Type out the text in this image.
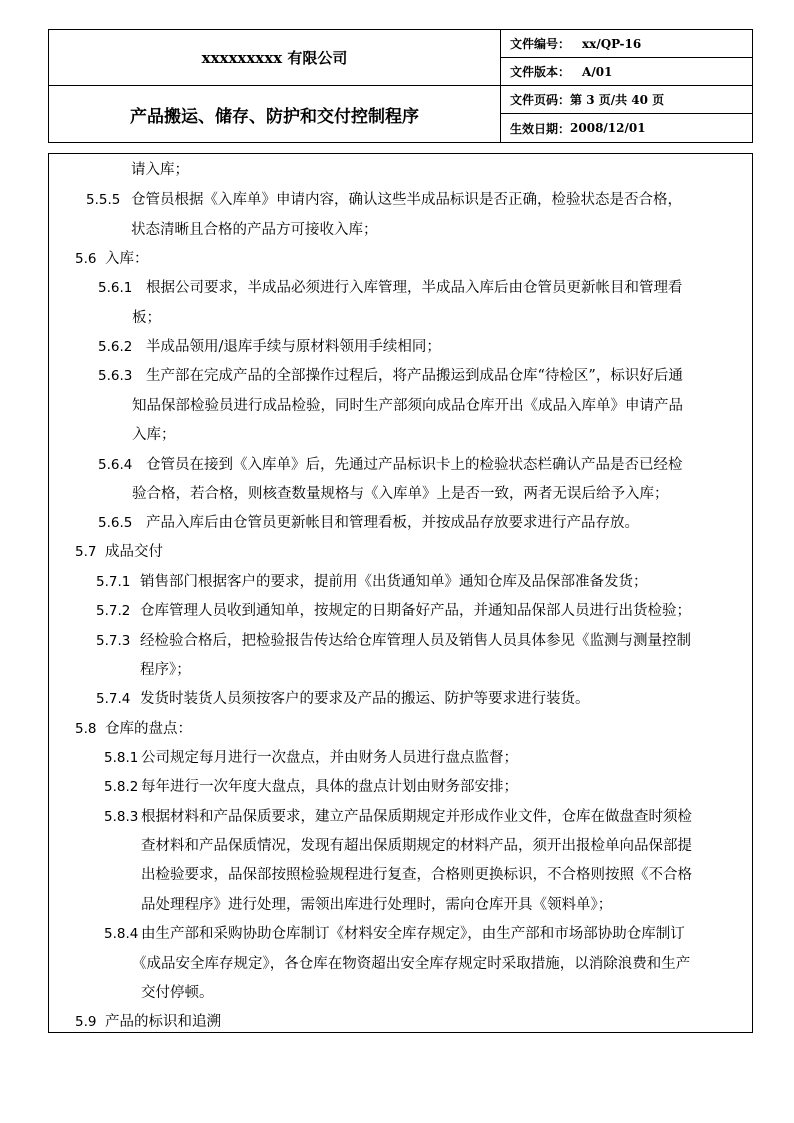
xxxxxxxxx 有限公司
产品搬运、储存、防护和交付控制程序
文件编号： xx/QP-16
文件版本： A/01
文件页码： 第 3 页/共 40 页
生效日期： 2008/12/01
请入库；
5.5.5 仓管员根据《入库单》申请内容，确认这些半成品标识是否正确，检验状态是否合格，
状态清晰且合格的产品方可接收入库；
5.6 入库：
5.6.1 根据公司要求，半成品必须进行入库管理，半成品入库后由仓管员更新帐目和管理看
板；
5.6.2 半成品领用/退库手续与原材料领用手续相同；
5.6.3 生产部在完成产品的全部操作过程后，将产品搬运到成品仓库“待检区”，标识好后通
知品保部检验员进行成品检验，同时生产部须向成品仓库开出《成品入库单》申请产品
入库；
5.6.4 仓管员在接到《入库单》后，先通过产品标识卡上的检验状态栏确认产品是否已经检
验合格，若合格，则核查数量规格与《入库单》上是否一致，两者无误后给予入库；
5.6.5 产品入库后由仓管员更新帐目和管理看板，并按成品存放要求进行产品存放。
5.7 成品交付
5.7.1 销售部门根据客户的要求，提前用《出货通知单》通知仓库及品保部准备发货；
5.7.2 仓库管理人员收到通知单，按规定的日期备好产品，并通知品保部人员进行出货检验；
5.7.3 经检验合格后，把检验报告传达给仓库管理人员及销售人员具体参见《监测与测量控制
程序》；
5.7.4 发货时装货人员须按客户的要求及产品的搬运、防护等要求进行装货。
5.8 仓库的盘点：
5.8.1 公司规定每月进行一次盘点，并由财务人员进行盘点监督；
5.8.2 每年进行一次年度大盘点，具体的盘点计划由财务部安排；
5.8.3 根据材料和产品保质要求，建立产品保质期规定并形成作业文件，仓库在做盘查时须检
查材料和产品保质情况，发现有超出保质期规定的材料产品，须开出报检单向品保部提
出检验要求，品保部按照检验规程进行复查，合格则更换标识，不合格则按照《不合格
品处理程序》进行处理，需领出库进行处理时，需向仓库开具《领料单》；
5.8.4 由生产部和采购协助仓库制订《材料安全库存规定》，由生产部和市场部协助仓库制订
《成品安全库存规定》，各仓库在物资超出安全库存规定时采取措施，以消除浪费和生产
交付停顿。
5.9 产品的标识和追溯
